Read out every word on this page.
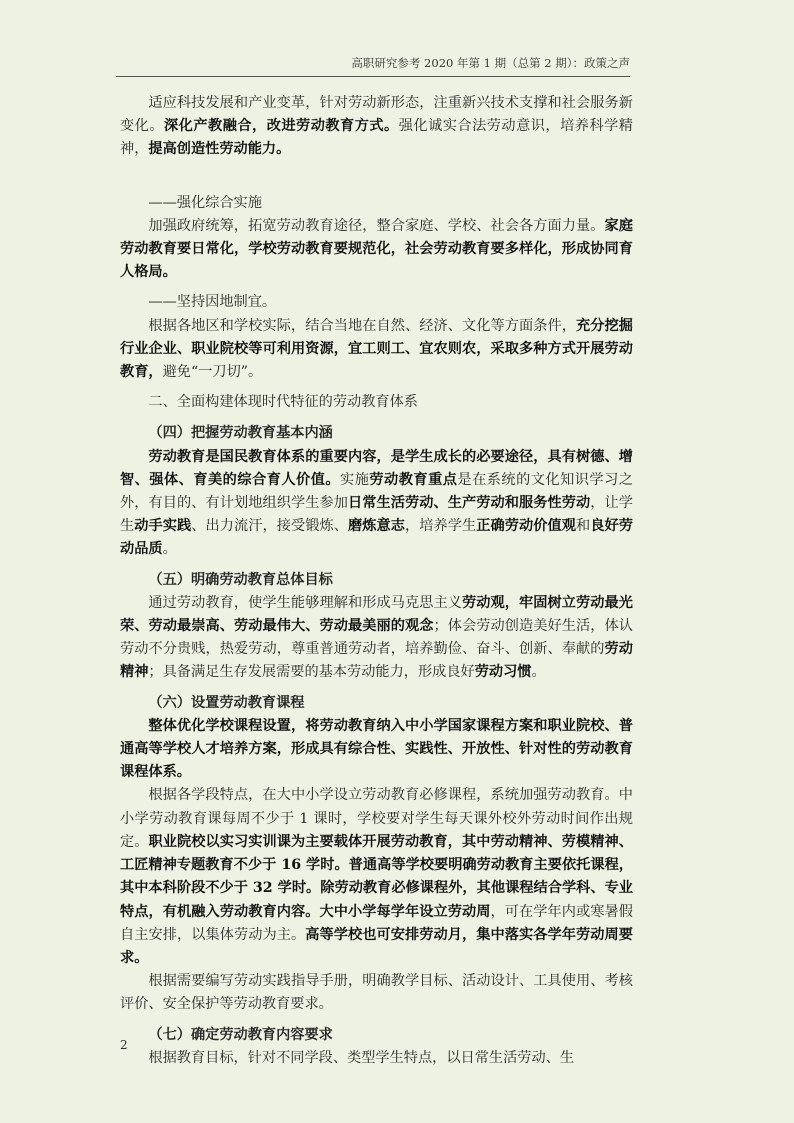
高职研究参考 2020 年第 1 期（总第 2 期）：政策之声

适应科技发展和产业变革，针对劳动新形态，注重新兴技术支撑和社会服务新变化。深化产教融合，改进劳动教育方式。强化诚实合法劳动意识，培养科学精神，提高创造性劳动能力。

——强化综合实施

加强政府统筹，拓宽劳动教育途径，整合家庭、学校、社会各方面力量。家庭劳动教育要日常化，学校劳动教育要规范化，社会劳动教育要多样化，形成协同育人格局。

——坚持因地制宜。

根据各地区和学校实际，结合当地在自然、经济、文化等方面条件，充分挖掘行业企业、职业院校等可利用资源，宜工则工、宜农则农，采取多种方式开展劳动教育，避免“一刀切”。

二、全面构建体现时代特征的劳动教育体系

（四）把握劳动教育基本内涵

劳动教育是国民教育体系的重要内容，是学生成长的必要途径，具有树德、增智、强体、育美的综合育人价值。实施劳动教育重点是在系统的文化知识学习之外，有目的、有计划地组织学生参加日常生活劳动、生产劳动和服务性劳动，让学生动手实践、出力流汗，接受锻炼、磨炼意志，培养学生正确劳动价值观和良好劳动品质。

（五）明确劳动教育总体目标

通过劳动教育，使学生能够理解和形成马克思主义劳动观，牢固树立劳动最光荣、劳动最崇高、劳动最伟大、劳动最美丽的观念；体会劳动创造美好生活，体认劳动不分贵贱，热爱劳动，尊重普通劳动者，培养勤俭、奋斗、创新、奉献的劳动精神；具备满足生存发展需要的基本劳动能力，形成良好劳动习惯。

（六）设置劳动教育课程

整体优化学校课程设置，将劳动教育纳入中小学国家课程方案和职业院校、普通高等学校人才培养方案，形成具有综合性、实践性、开放性、针对性的劳动教育课程体系。

根据各学段特点，在大中小学设立劳动教育必修课程，系统加强劳动教育。中小学劳动教育课每周不少于 1 课时，学校要对学生每天课外校外劳动时间作出规定。职业院校以实习实训课为主要载体开展劳动教育，其中劳动精神、劳模精神、工匠精神专题教育不少于 16 学时。普通高等学校要明确劳动教育主要依托课程，其中本科阶段不少于 32 学时。除劳动教育必修课程外，其他课程结合学科、专业特点，有机融入劳动教育内容。大中小学每学年设立劳动周，可在学年内或寒暑假自主安排，以集体劳动为主。高等学校也可安排劳动月，集中落实各学年劳动周要求。

根据需要编写劳动实践指导手册，明确教学目标、活动设计、工具使用、考核评价、安全保护等劳动教育要求。

（七）确定劳动教育内容要求

根据教育目标，针对不同学段、类型学生特点，以日常生活劳动、生

2
